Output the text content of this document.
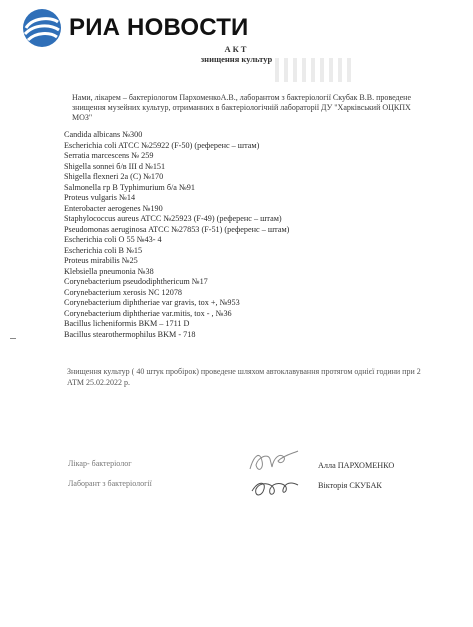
РИА НОВОСТИ
АКТ
знищення культур
Нами, лікарем – бактеріологом ПархоменкоА.В., лаборантом з бактеріології Скубак В.В. проведене знищення музейних культур, отриманних в бактеріологічній лабораторії ДУ "Харківський ОЦКПХ МОЗ"
Candida albicans №300
Escherichia coli ATCC №25922 (F-50) (референс – штам)
Serratia marcescens № 259
Shigella sonnei б/в III d №151
Shigella flexneri 2a (C) №170
Salmonella гр В Typhimurium б/а №91
Proteus vulgaris №14
Enterobacter aerogenes №190
Staphylococcus aureus ATCC №25923 (F-49) (референс – штам)
Pseudomonas aeruginosa ATCC №27853 (F-51) (референс – штам)
Escherichia coli O 55 №43- 4
Escherichia coli B №15
Proteus mirabilis №25
Klebsiella pneumonia №38
Corynebacterium pseudodiphthericum №17
Corynebacterium xerosis NC 12078
Corynebacterium diphtheriae var gravis, tox +, №953
Corynebacterium diphtheriae var.mitis, tox - , №36
Bacillus licheniformis BKM – 1711 D
Bacillus stearothermophilus BKM - 718
Знищення культур ( 40 штук пробірок) проведене шляхом автоклавування протягом однієї години при 2 АТМ 25.02.2022 р.
Лікар- бактеріолог
Лаборант з бактеріології
Алла ПАРХОМЕНКО
Вікторія СКУБАК
